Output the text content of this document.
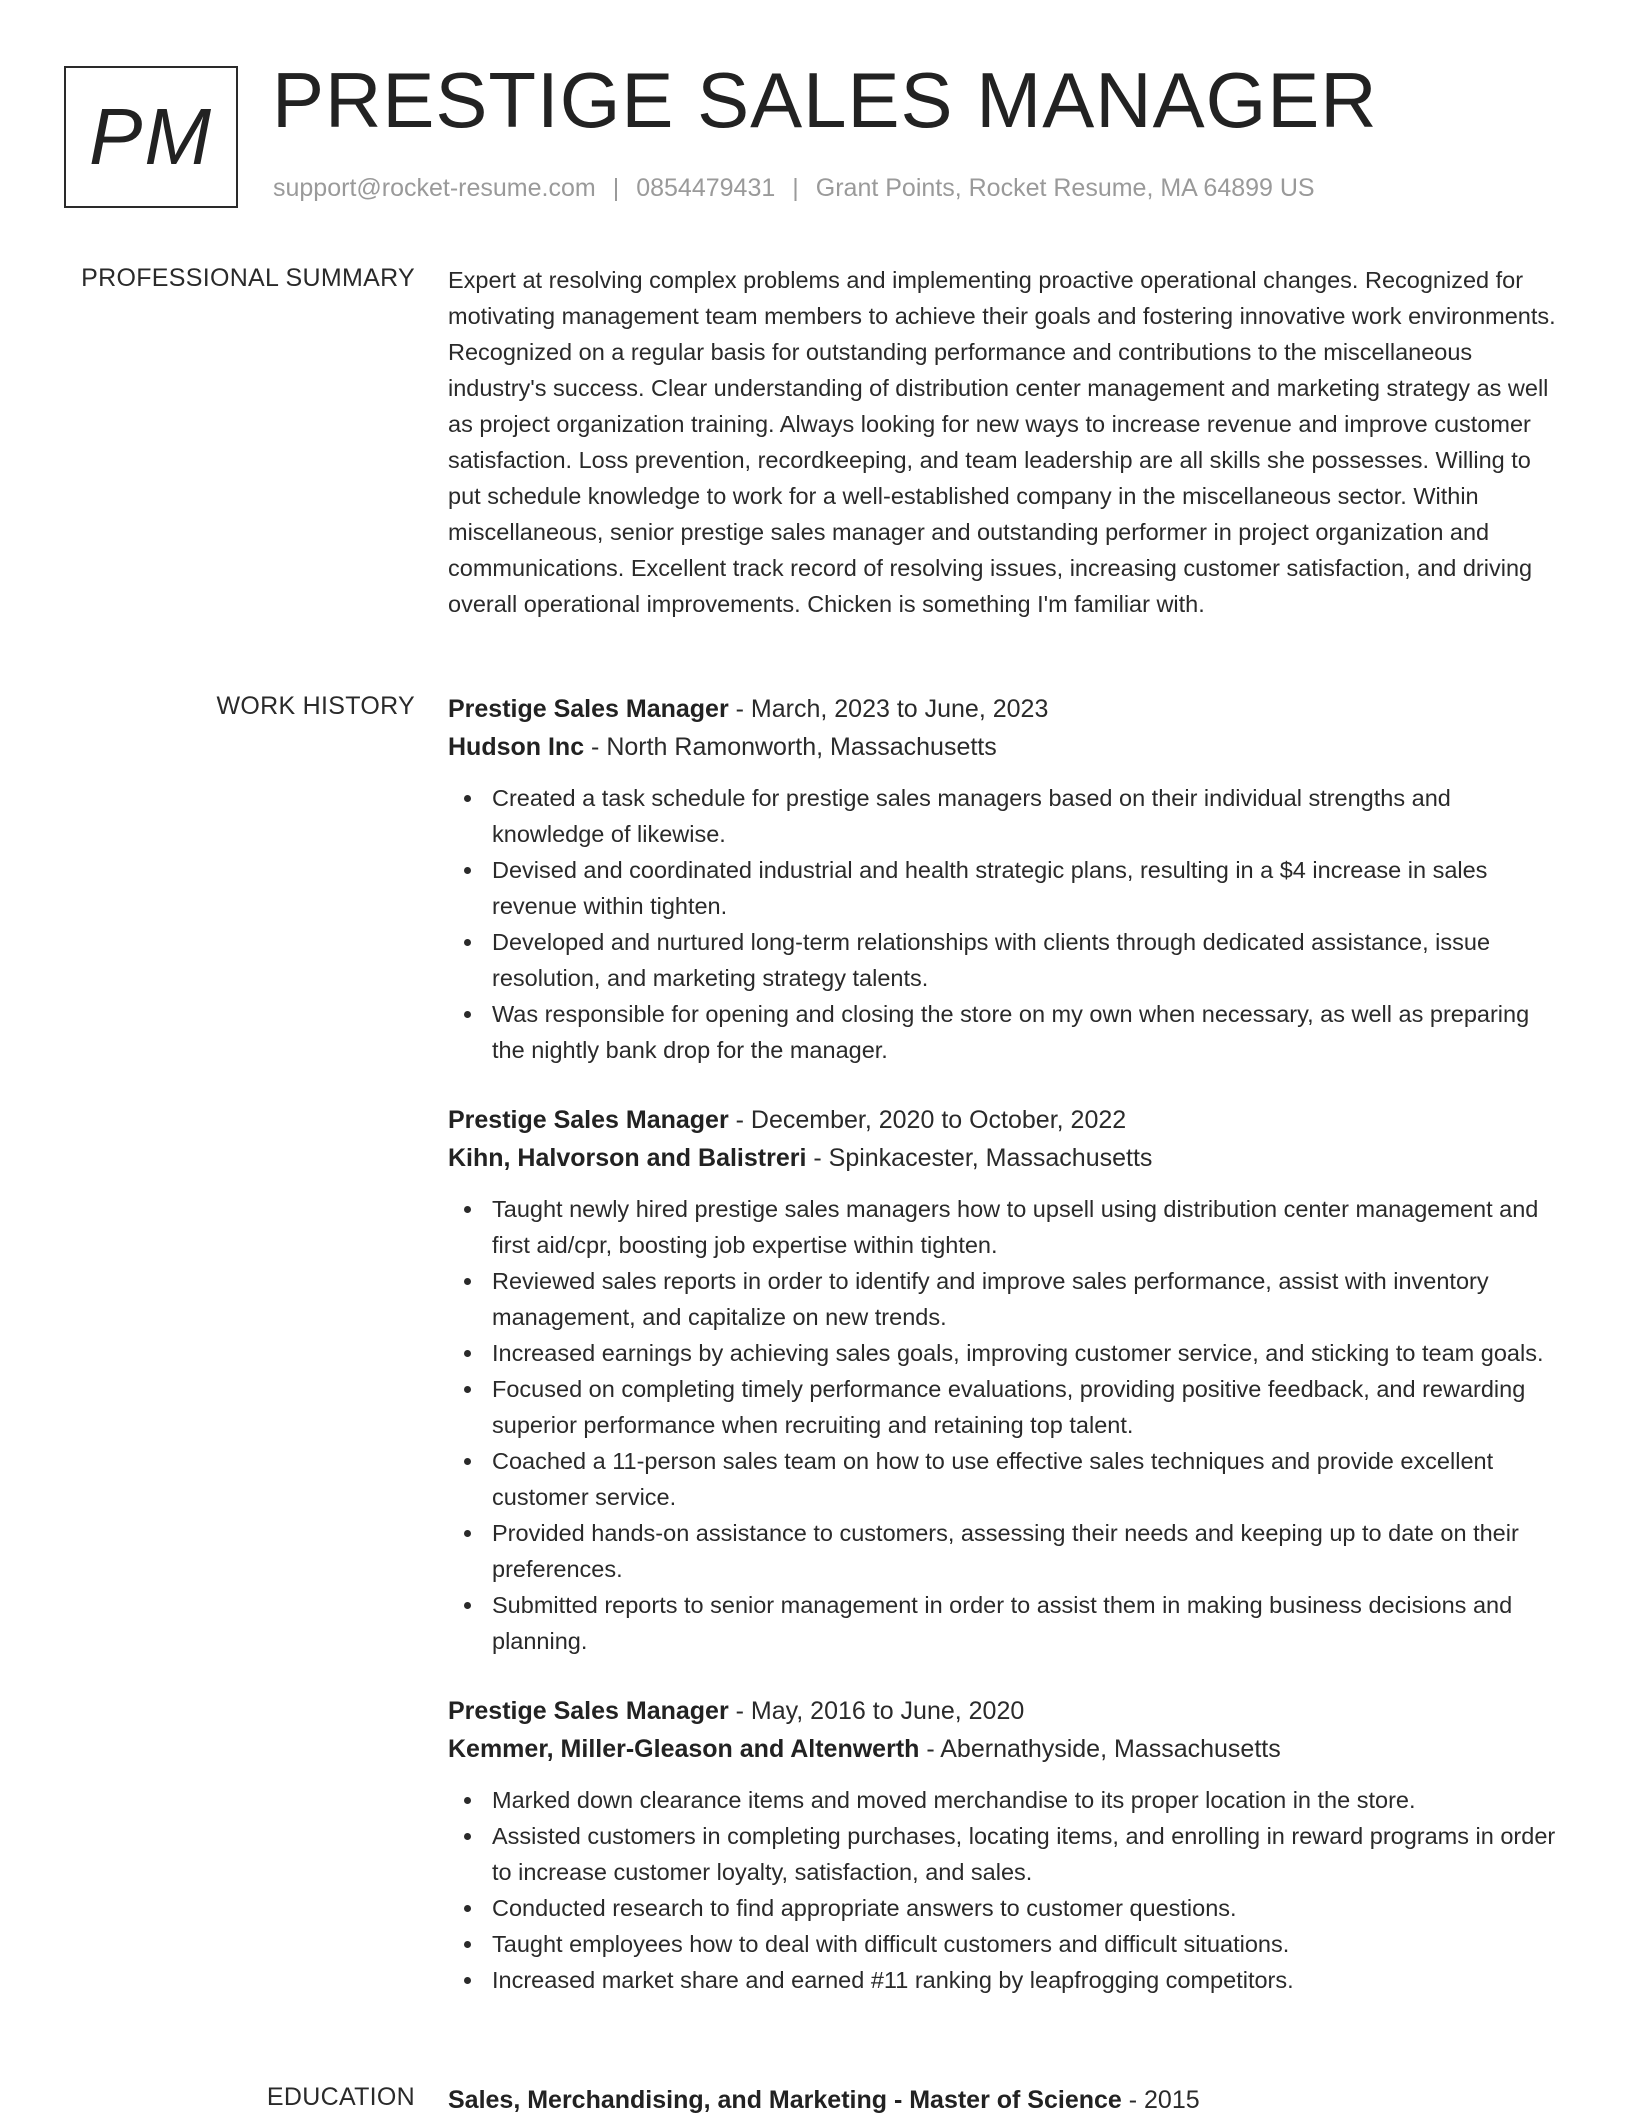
PM PRESTIGE SALES MANAGER
support@rocket-resume.com | 0854479431 | Grant Points, Rocket Resume, MA 64899 US
PROFESSIONAL SUMMARY Expert at resolving complex problems and implementing proactive operational changes. Recognized for motivating management team members to achieve their goals and fostering innovative work environments. Recognized on a regular basis for outstanding performance and contributions to the miscellaneous industry's success. Clear understanding of distribution center management and marketing strategy as well as project organization training. Always looking for new ways to increase revenue and improve customer satisfaction. Loss prevention, recordkeeping, and team leadership are all skills she possesses. Willing to put schedule knowledge to work for a well-established company in the miscellaneous sector. Within miscellaneous, senior prestige sales manager and outstanding performer in project organization and communications. Excellent track record of resolving issues, increasing customer satisfaction, and driving overall operational improvements. Chicken is something I'm familiar with.

WORK HISTORY Prestige Sales Manager - March, 2023 to June, 2023
Hudson Inc - North Ramonworth, Massachusetts
Created a task schedule for prestige sales managers based on their individual strengths and knowledge of likewise.
Devised and coordinated industrial and health strategic plans, resulting in a $4 increase in sales revenue within tighten.
Developed and nurtured long-term relationships with clients through dedicated assistance, issue resolution, and marketing strategy talents.
Was responsible for opening and closing the store on my own when necessary, as well as preparing the nightly bank drop for the manager.
Prestige Sales Manager - December, 2020 to October, 2022
Kihn, Halvorson and Balistreri - Spinkacester, Massachusetts
Taught newly hired prestige sales managers how to upsell using distribution center management and first aid/cpr, boosting job expertise within tighten.
Reviewed sales reports in order to identify and improve sales performance, assist with inventory management, and capitalize on new trends.
Increased earnings by achieving sales goals, improving customer service, and sticking to team goals.
Focused on completing timely performance evaluations, providing positive feedback, and rewarding superior performance when recruiting and retaining top talent.
Coached a 11-person sales team on how to use effective sales techniques and provide excellent customer service.
Provided hands-on assistance to customers, assessing their needs and keeping up to date on their preferences.
Submitted reports to senior management in order to assist them in making business decisions and planning.
Prestige Sales Manager - May, 2016 to June, 2020
Kemmer, Miller-Gleason and Altenwerth - Abernathyside, Massachusetts
Marked down clearance items and moved merchandise to its proper location in the store.
Assisted customers in completing purchases, locating items, and enrolling in reward programs in order to increase customer loyalty, satisfaction, and sales.
Conducted research to find appropriate answers to customer questions.
Taught employees how to deal with difficult customers and difficult situations.
Increased market share and earned #11 ranking by leapfrogging competitors.
EDUCATION Sales, Merchandising, and Marketing - Master of Science - 2015
